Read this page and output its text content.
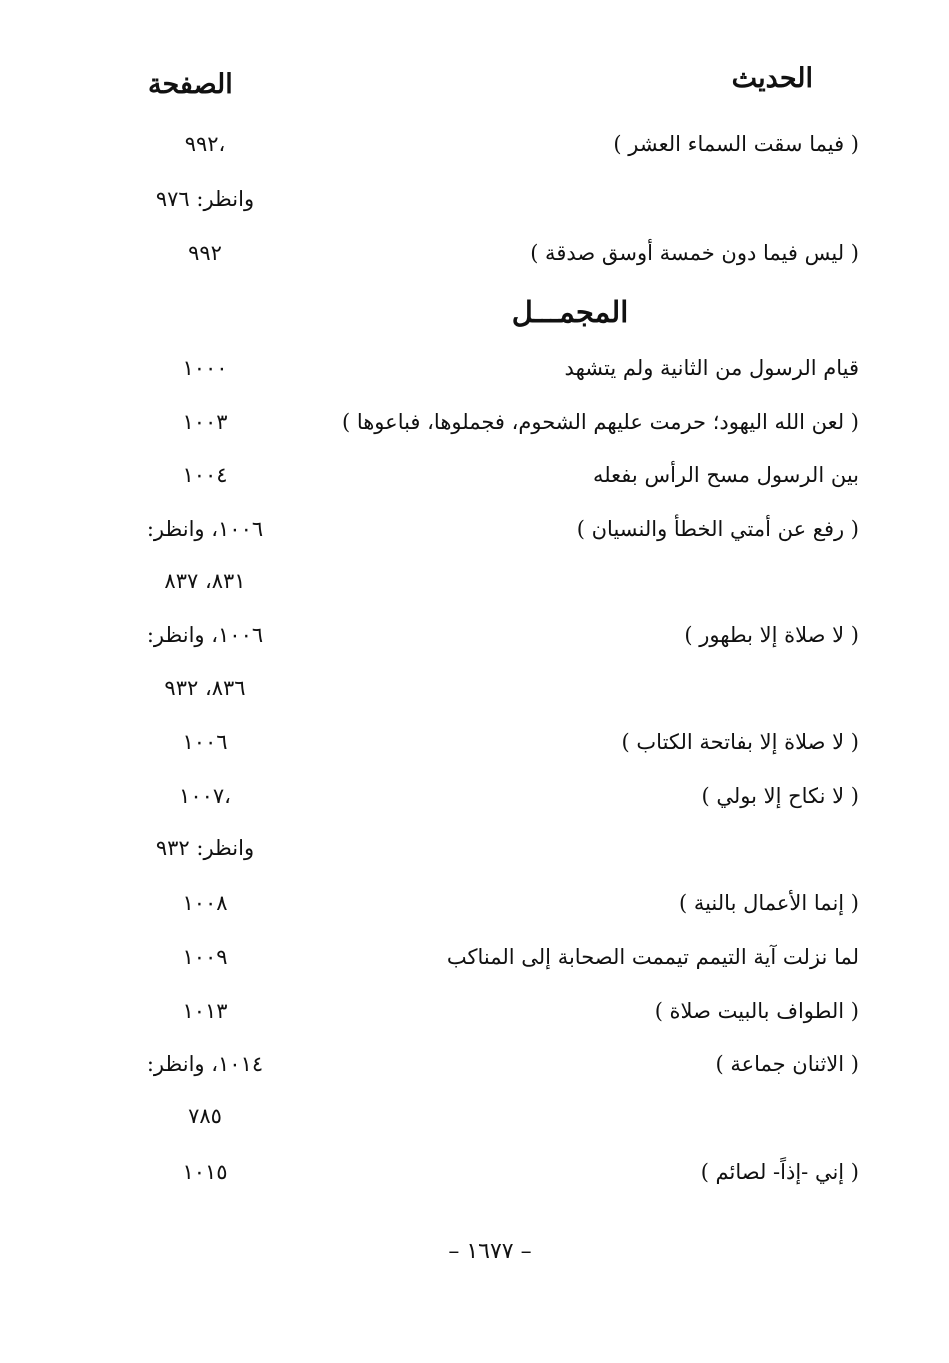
الحديث
الصفحة
المجمـــل
( فيما سقت السماء العشر )
٩٩٢،
وانظر: ٩٧٦
( ليس فيما دون خمسة أوسق صدقة )
٩٩٢
قيام الرسول من الثانية ولم يتشهد
١٠٠٠
( لعن الله اليهود؛ حرمت عليهم الشحوم، فجملوها، فباعوها )
١٠٠٣
بين الرسول مسح الرأس بفعله
١٠٠٤
( رفع عن أمتي الخطأ والنسيان )
١٠٠٦، وانظر:
٨٣١، ٨٣٧
( لا صلاة إلا بطهور )
١٠٠٦، وانظر:
٨٣٦، ٩٣٢
( لا صلاة إلا بفاتحة الكتاب )
١٠٠٦
( لا نكاح إلا بولي )
١٠٠٧،
وانظر: ٩٣٢
( إنما الأعمال بالنية )
١٠٠٨
لما نزلت آية التيمم تيممت الصحابة إلى المناكب
١٠٠٩
( الطواف بالبيت صلاة )
١٠١٣
( الاثنان جماعة )
١٠١٤، وانظر:
٧٨٥
( إني -إذاً- لصائم )
١٠١٥
– ١٦٧٧ –
